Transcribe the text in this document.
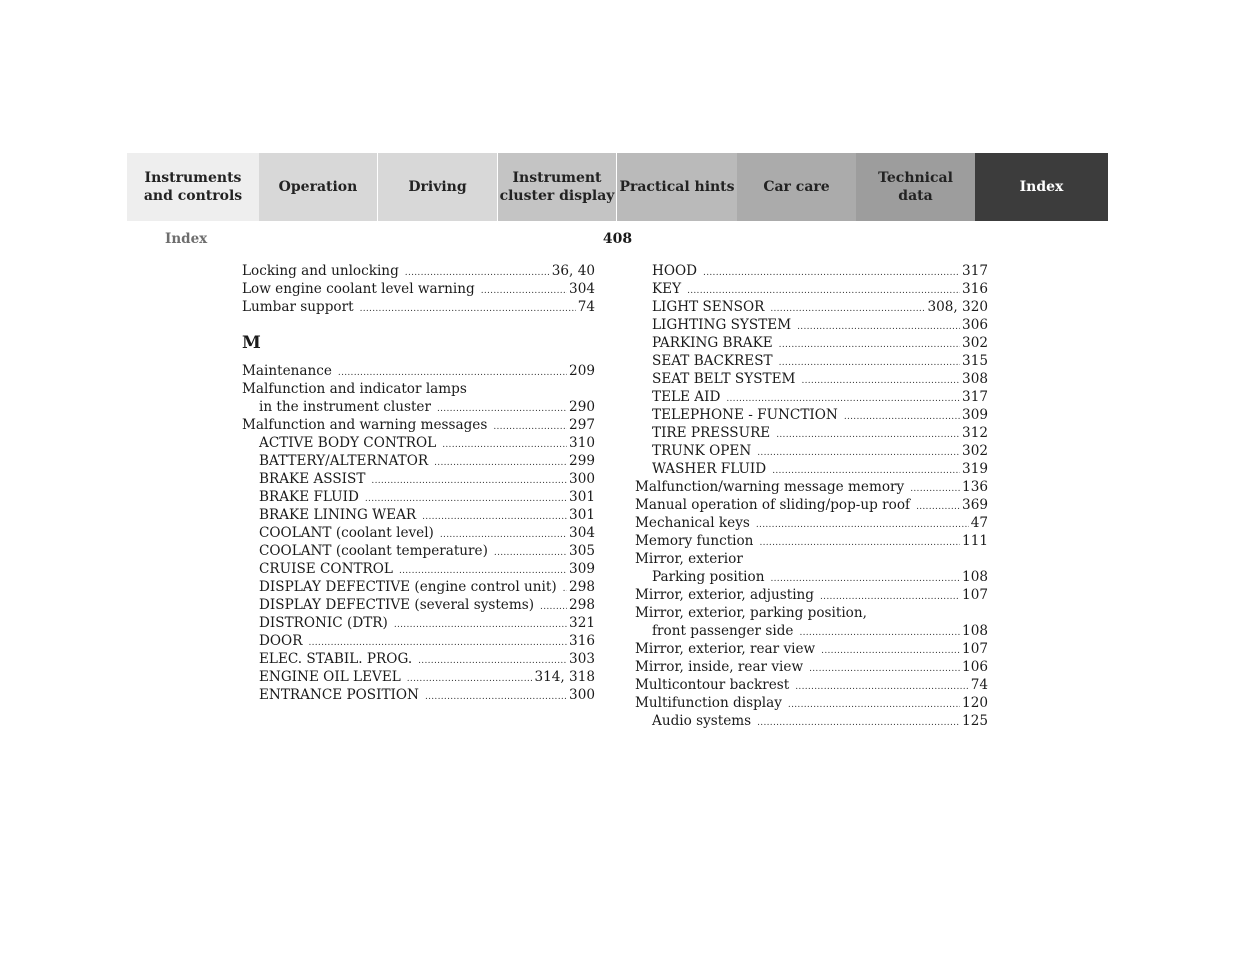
Instruments
and controls
Operation	Driving
Instrument
cluster display
Practical hints	Car care
Technical
data
Index
Index	408
Locking and unlocking .....	36, 40
Low engine coolant level warning .....	304
Lumbar support .....	74
M
Maintenance .....	209
Malfunction and indicator lamps
in the instrument cluster .....	290
Malfunction and warning messages .....	297
ACTIVE BODY CONTROL .....	310
BATTERY/ALTERNATOR .....	299
BRAKE ASSIST .....	300
BRAKE FLUID .....	301
BRAKE LINING WEAR .....	301
COOLANT (coolant level) .....	304
COOLANT (coolant temperature) .....	305
CRUISE CONTROL .....	309
DISPLAY DEFECTIVE (engine control unit) ..... 298
DISPLAY DEFECTIVE (several systems) .....	298
DISTRONIC (DTR) .....	321
DOOR .....	316
ELEC. STABIL. PROG. .....	303
ENGINE OIL LEVEL .....	314, 318
ENTRANCE POSITION .....	300
HOOD .....	317
KEY .....	316
LIGHT SENSOR .....	308, 320
LIGHTING SYSTEM .....	306
PARKING BRAKE .....	302
SEAT BACKREST .....	315
SEAT BELT SYSTEM .....	308
TELE AID .....	317
TELEPHONE - FUNCTION .....	309
TIRE PRESSURE .....	312
TRUNK OPEN .....	302
WASHER FLUID .....	319
Malfunction/warning message memory .....	136
Manual operation of sliding/pop-up roof .....	369
Mechanical keys .....	47
Memory function .....	111
Mirror, exterior
Parking position .....	108
Mirror, exterior, adjusting .....	107
Mirror, exterior, parking position,
front passenger side .....	108
Mirror, exterior, rear view .....	107
Mirror, inside, rear view .....	106
Multicontour backrest .....	74
Multifunction display .....	120
Audio systems .....	125
